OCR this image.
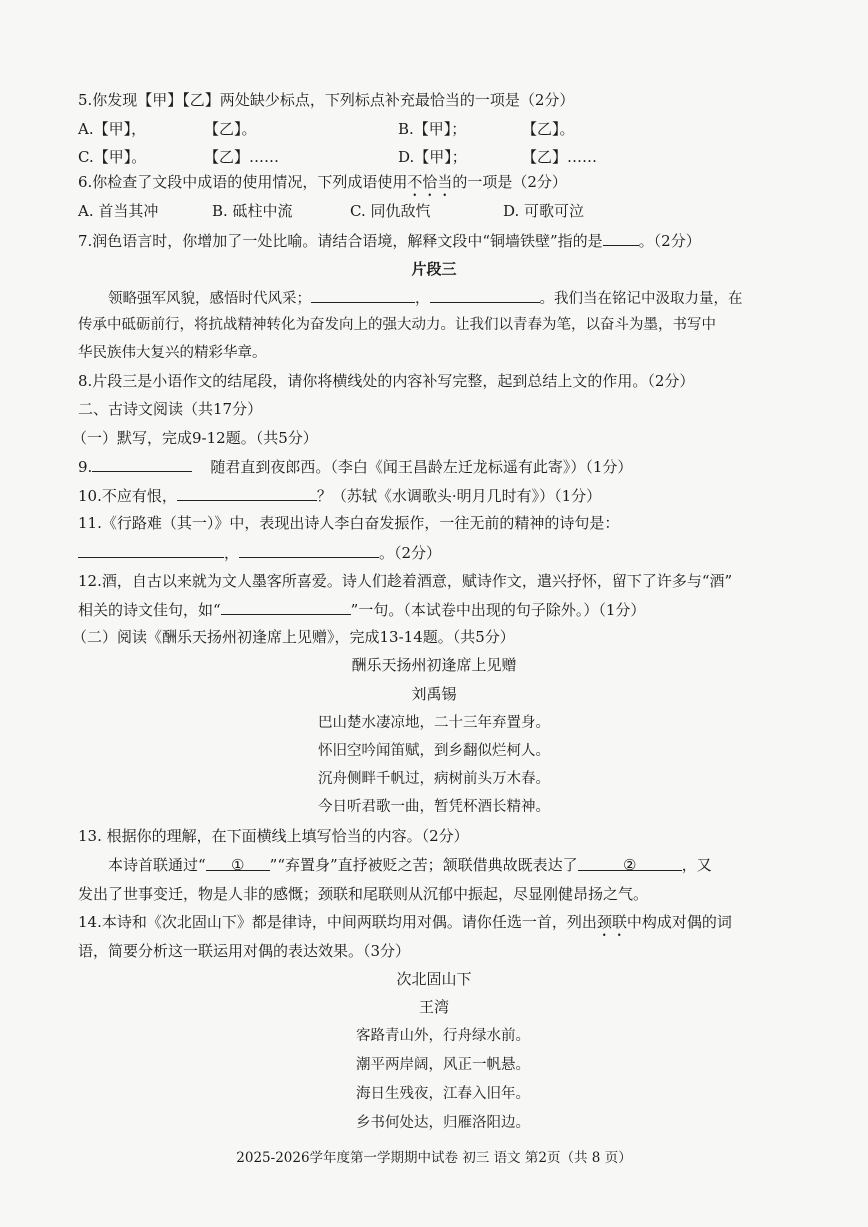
5.你发现【甲】【乙】两处缺少标点，下列标点补充最恰当的一项是（2分）
A.【甲】，	【乙】。	B.【甲】；	【乙】。
C.【甲】。	【乙】……	D.【甲】；	【乙】……
6.你检查了文段中成语的使用情况，下列成语使用不恰当的一项是（2分）
A. 首当其冲	B. 砥柱中流	C. 同仇敌忾	D. 可歌可泣
7.润色语言时，你增加了一处比喻。请结合语境，解释文段中“铜墙铁壁”指的是 。（2分）
片段三
领略强军风貌，感悟时代风采；	，	。我们当在铭记中汲取力量，在
传承中砥砺前行，将抗战精神转化为奋发向上的强大动力。让我们以青春为笔，以奋斗为墨，书写中
华民族伟大复兴的精彩华章。
8.片段三是小语作文的结尾段，请你将横线处的内容补写完整，起到总结上文的作用。（2分）
二、古诗文阅读（共17分）
（一）默写，完成9-12题。（共5分）
9.	随君直到夜郎西。（李白《闻王昌龄左迁龙标遥有此寄》）（1分）
10.不应有恨，	？（苏轼《水调歌头·明月几时有》）（1分）
11.《行路难（其一）》中，表现出诗人李白奋发振作，一往无前的精神的诗句是：
，	。（2分）
12.酒，自古以来就为文人墨客所喜爱。诗人们趁着酒意，赋诗作文，遣兴抒怀，留下了许多与“酒”
相关的诗文佳句，如“	”一句。（本试卷中出现的句子除外。）（1分）
（二）阅读《酬乐天扬州初逢席上见赠》，完成13-14题。（共5分）
酬乐天扬州初逢席上见赠
刘禹锡
巴山楚水凄凉地，二十三年弃置身。
怀旧空吟闻笛赋，到乡翻似烂柯人。
沉舟侧畔千帆过，病树前头万木春。
今日听君歌一曲，暂凭杯酒长精神。
13. 根据你的理解，在下面横线上填写恰当的内容。（2分）
本诗首联通过“ ① ”“弃置身”直抒被贬之苦；颔联借典故既表达了	②	，又
发出了世事变迁，物是人非的感慨；颈联和尾联则从沉郁中振起，尽显刚健昂扬之气。
14.本诗和《次北固山下》都是律诗，中间两联均用对偶。请你任选一首，列出颈联中构成对偶的词
语，简要分析这一联运用对偶的表达效果。（3分）
次北固山下
王湾
客路青山外，行舟绿水前。
潮平两岸阔，风正一帆悬。
海日生残夜，江春入旧年。
乡书何处达，归雁洛阳边。
2025-2026学年度第一学期期中试卷 初三 语文 第2页（共 8 页）
